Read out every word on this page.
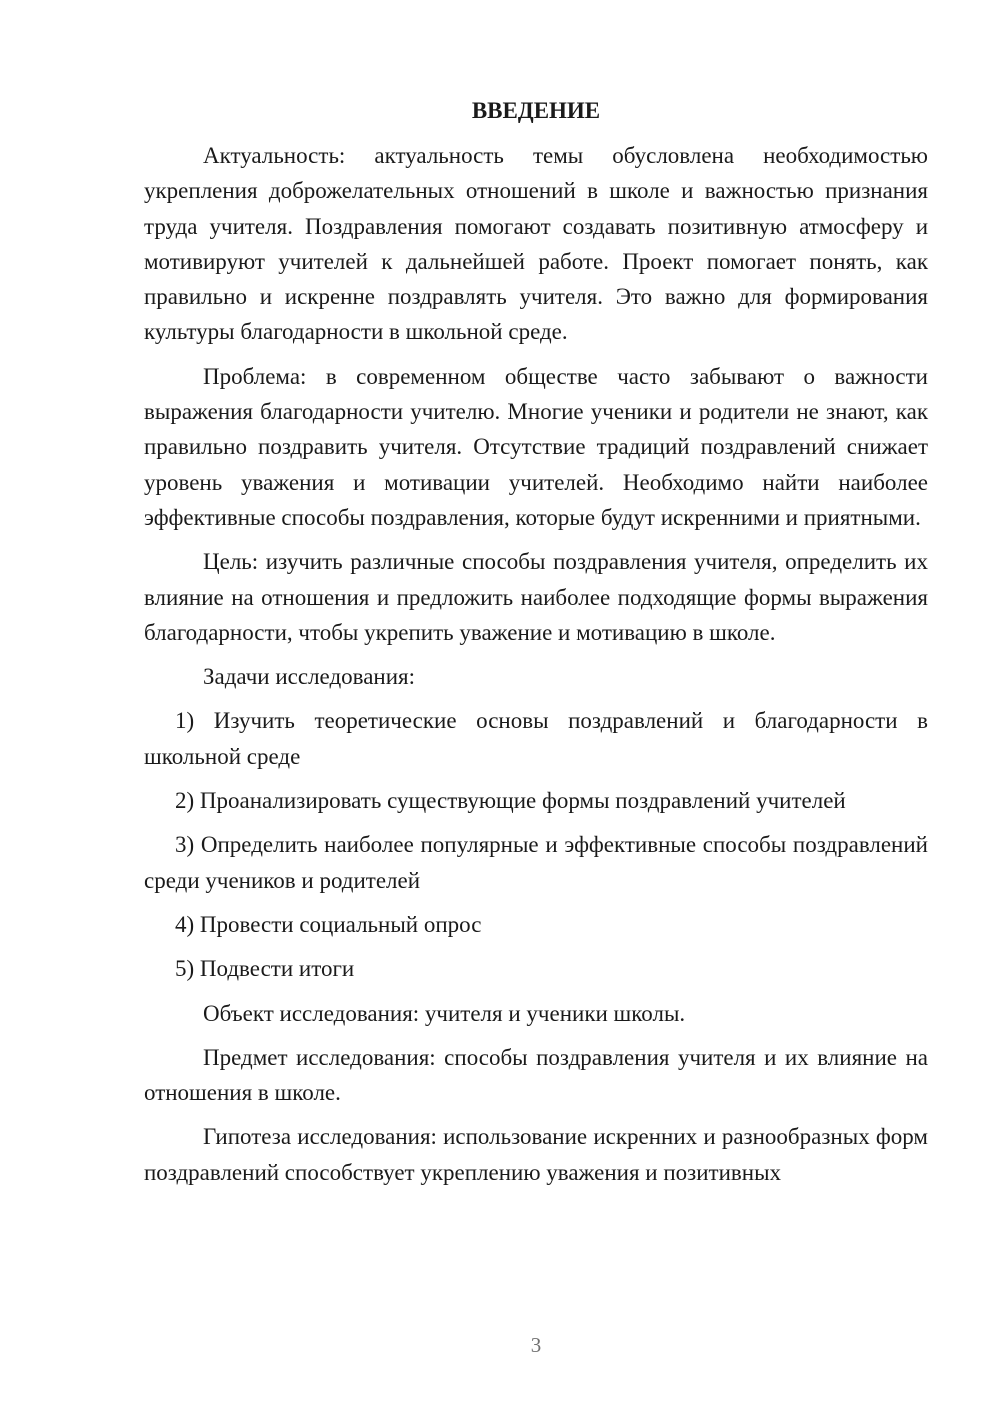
ВВЕДЕНИЕ

Актуальность: актуальность темы обусловлена необходимостью укрепления доброжелательных отношений в школе и важностью признания труда учителя. Поздравления помогают создавать позитивную атмосферу и мотивируют учителей к дальнейшей работе. Проект помогает понять, как правильно и искренне поздравлять учителя. Это важно для формирования культуры благодарности в школьной среде.

Проблема: в современном обществе часто забывают о важности выражения благодарности учителю. Многие ученики и родители не знают, как правильно поздравить учителя. Отсутствие традиций поздравлений снижает уровень уважения и мотивации учителей. Необходимо найти наиболее эффективные способы поздравления, которые будут искренними и приятными.

Цель: изучить различные способы поздравления учителя, определить их влияние на отношения и предложить наиболее подходящие формы выражения благодарности, чтобы укрепить уважение и мотивацию в школе.

Задачи исследования:

1) Изучить теоретические основы поздравлений и благодарности в школьной среде

2) Проанализировать существующие формы поздравлений учителей

3) Определить наиболее популярные и эффективные способы поздравлений среди учеников и родителей

4) Провести социальный опрос

5) Подвести итоги

Объект исследования: учителя и ученики школы.

Предмет исследования: способы поздравления учителя и их влияние на отношения в школе.

Гипотеза исследования: использование искренних и разнообразных форм поздравлений способствует укреплению уважения и позитивных

3
